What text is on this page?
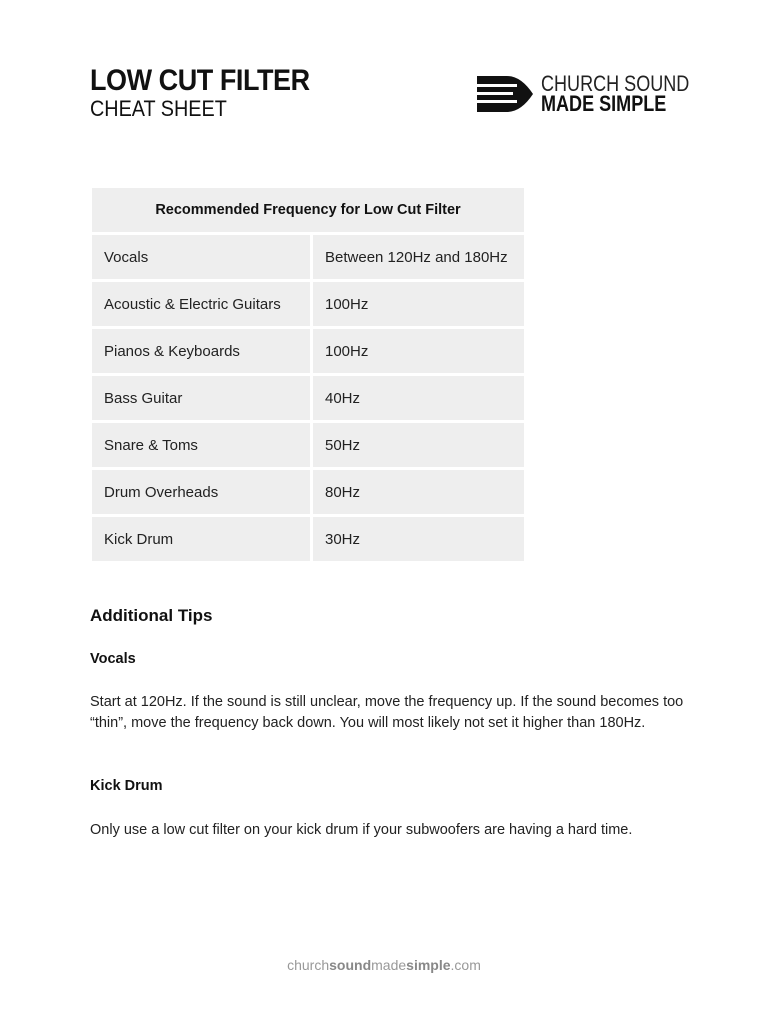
LOW CUT FILTER
CHEAT SHEET
CHURCH SOUND
MADE SIMPLE
Recommended Frequency for Low Cut Filter	
Vocals	Between 120Hz and 180Hz
Acoustic & Electric Guitars	100Hz
Pianos & Keyboards	100Hz
Bass Guitar	40Hz
Snare & Toms	50Hz
Drum Overheads	80Hz
Kick Drum	30Hz
Additional Tips
Vocals
Start at 120Hz. If the sound is still unclear, move the frequency up. If the sound becomes too “thin”, move the frequency back down. You will most likely not set it higher than 180Hz.
Kick Drum
Only use a low cut filter on your kick drum if your subwoofers are having a hard time.
churchsoundmadesimple.com
